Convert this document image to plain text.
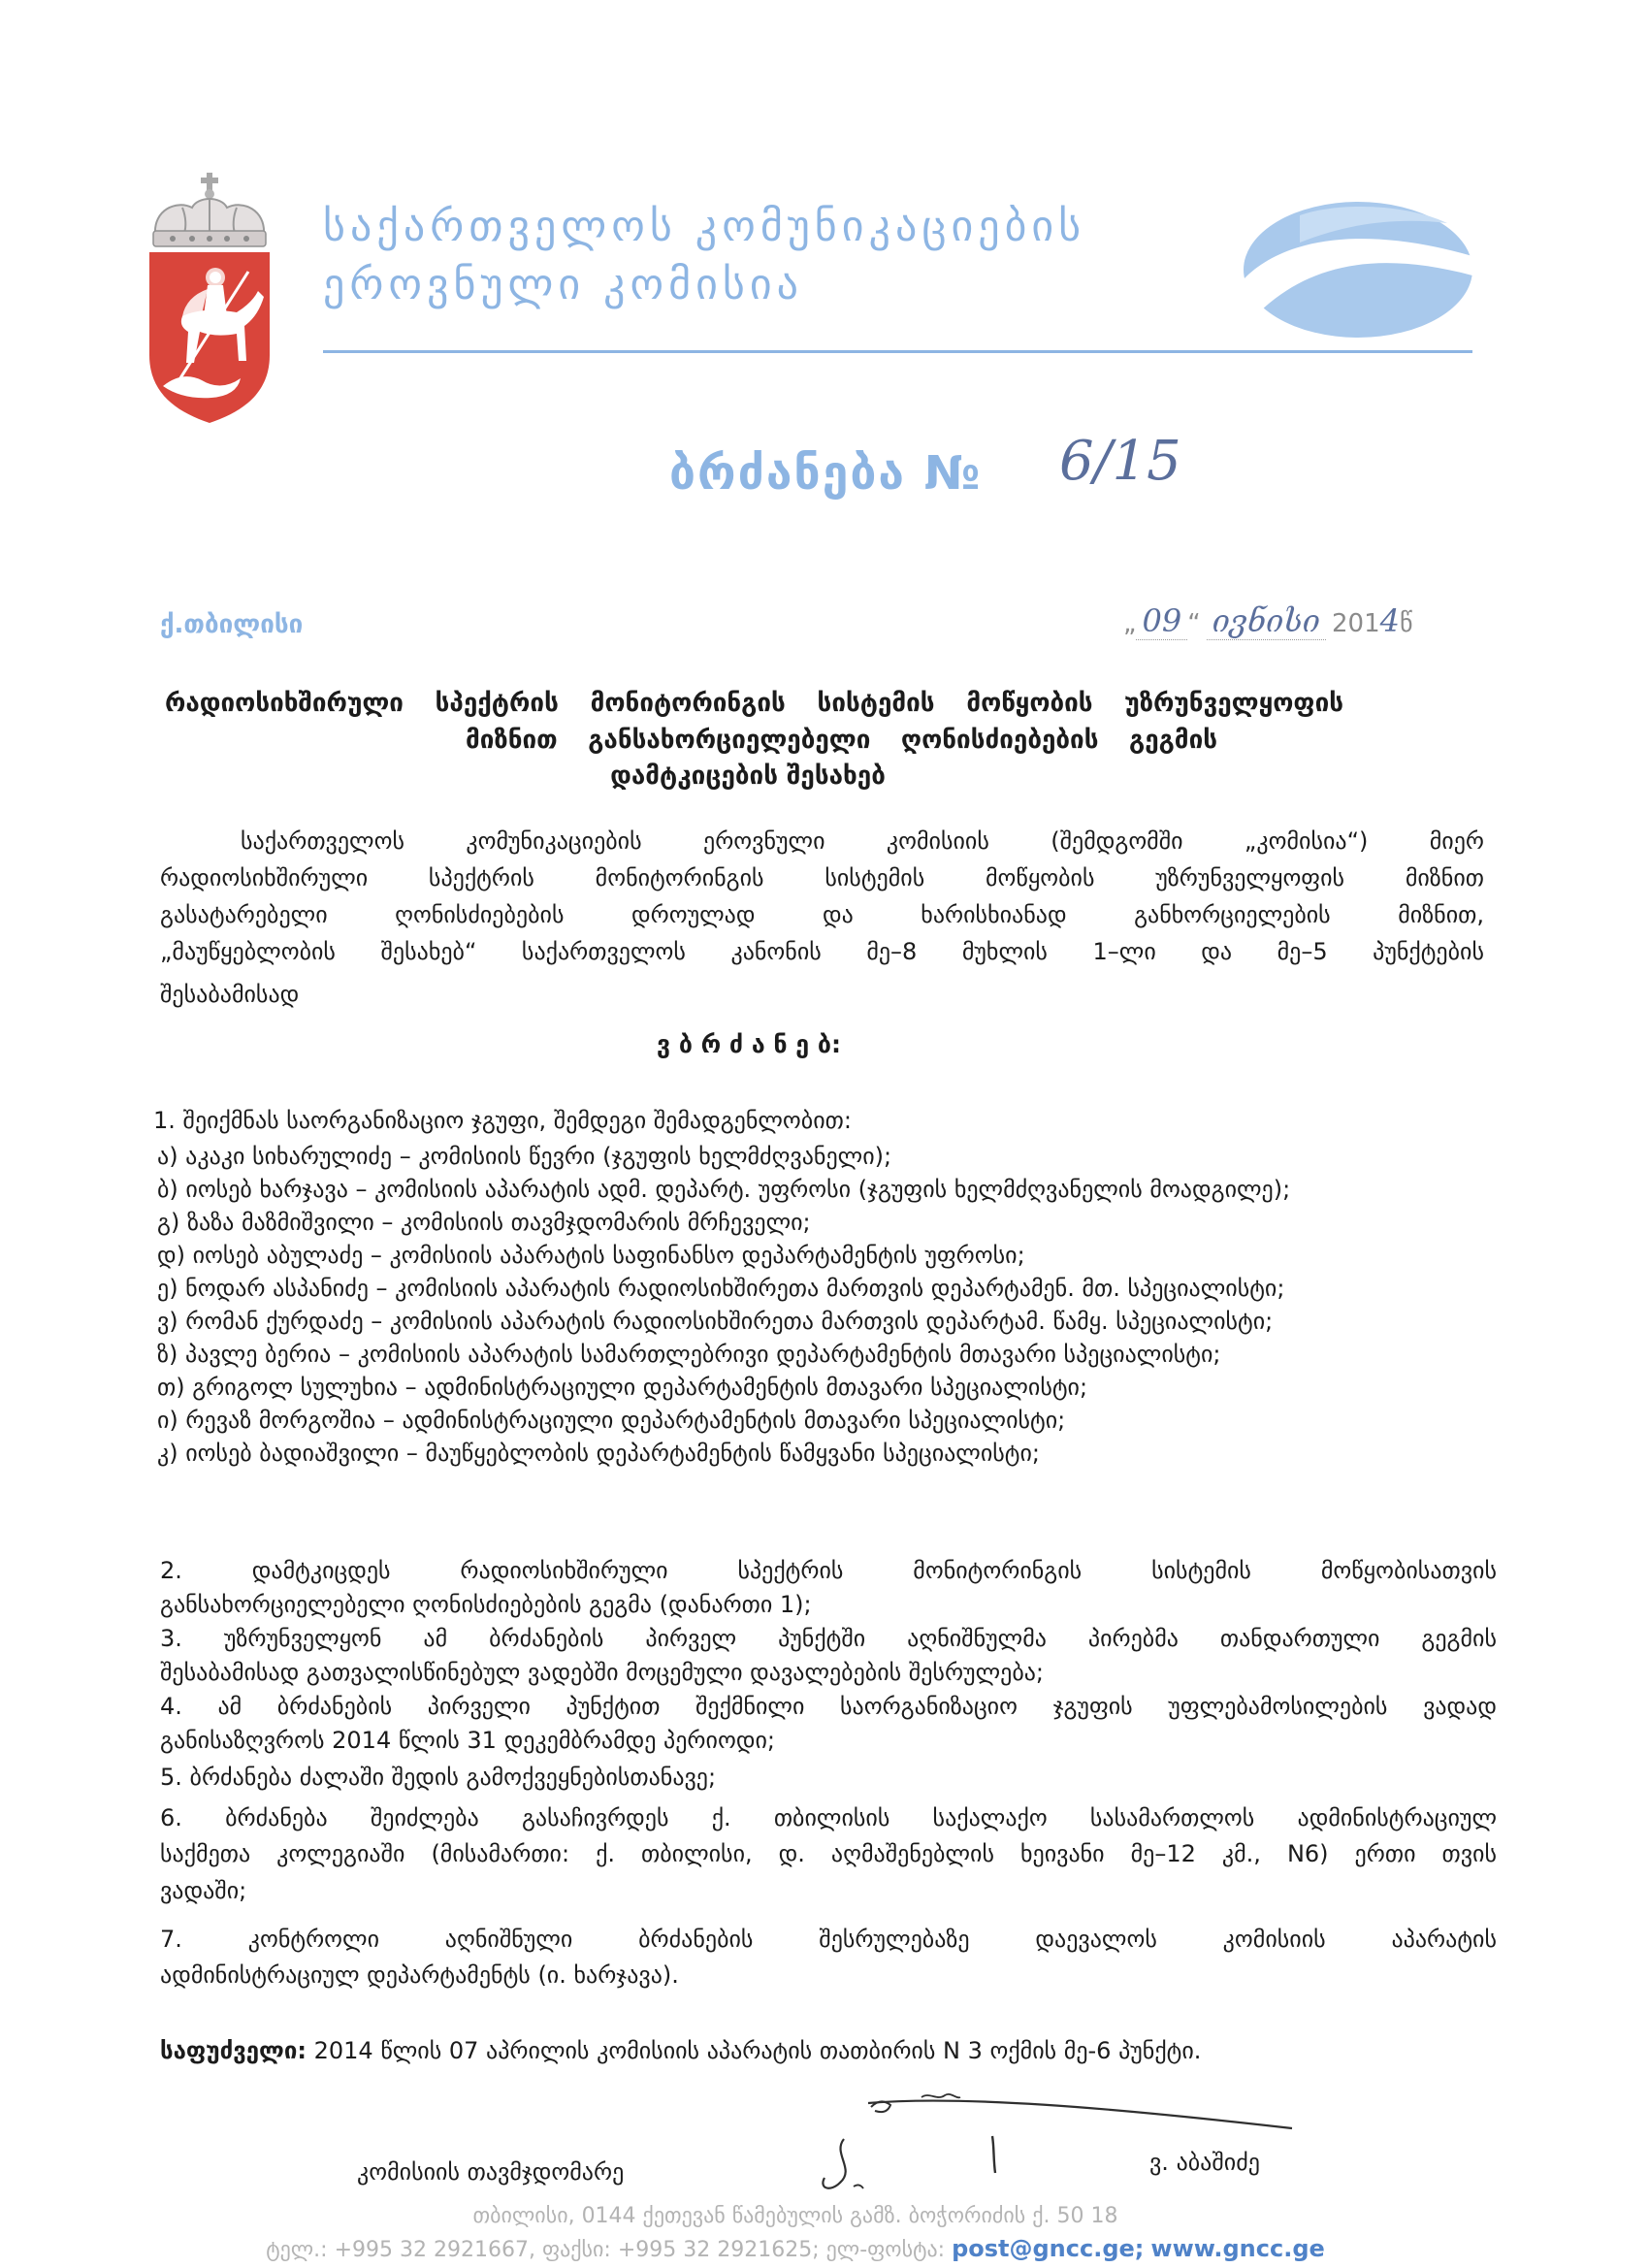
საქართველოს კომუნიკაციების
ეროვნული კომისია
ბრძანება № 6/15
ქ.თბილისი	„ 09 “ ივნისი 2014წ
რადიოსიხშირული სპექტრის მონიტორინგის სისტემის მოწყობის უზრუნველყოფის
მიზნით განსახორციელებელი ღონისძიებების გეგმის
დამტკიცების შესახებ
საქართველოს კომუნიკაციების ეროვნული კომისიის (შემდგომში „კომისია“) მიერ
რადიოსიხშირული სპექტრის მონიტორინგის სისტემის მოწყობის უზრუნველყოფის მიზნით
გასატარებელი ღონისძიებების დროულად და ხარისხიანად განხორციელების მიზნით,
„მაუწყებლობის შესახებ“ საქართველოს კანონის მე–8 მუხლის 1–ლი და მე–5 პუნქტების
შესაბამისად
ვ ბ რ ძ ა ნ ე ბ:
1. შეიქმნას საორგანიზაციო ჯგუფი, შემდეგი შემადგენლობით:
ა) აკაკი სიხარულიძე – კომისიის წევრი (ჯგუფის ხელმძღვანელი);
ბ) იოსებ ხარჯავა – კომისიის აპარატის ადმ. დეპარტ. უფროსი (ჯგუფის ხელმძღვანელის მოადგილე);
გ) ზაზა მაზმიშვილი – კომისიის თავმჯდომარის მრჩეველი;
დ) იოსებ აბულაძე – კომისიის აპარატის საფინანსო დეპარტამენტის უფროსი;
ე) ნოდარ ასპანიძე – კომისიის აპარატის რადიოსიხშირეთა მართვის დეპარტამენ. მთ. სპეციალისტი;
ვ) რომან ქურდაძე – კომისიის აპარატის რადიოსიხშირეთა მართვის დეპარტამ. წამყ. სპეციალისტი;
ზ) პავლე ბერია – კომისიის აპარატის სამართლებრივი დეპარტამენტის მთავარი სპეციალისტი;
თ) გრიგოლ სულუხია – ადმინისტრაციული დეპარტამენტის მთავარი სპეციალისტი;
ი) რევაზ მორგოშია – ადმინისტრაციული დეპარტამენტის მთავარი სპეციალისტი;
კ) იოსებ ბადიაშვილი – მაუწყებლობის დეპარტამენტის წამყვანი სპეციალისტი;
2. დამტკიცდეს რადიოსიხშირული სპექტრის მონიტორინგის სისტემის მოწყობისათვის
განსახორციელებელი ღონისძიებების გეგმა (დანართი 1);
3. უზრუნველყონ ამ ბრძანების პირველ პუნქტში აღნიშნულმა პირებმა თანდართული გეგმის
შესაბამისად გათვალისწინებულ ვადებში მოცემული დავალებების შესრულება;
4. ამ ბრძანების პირველი პუნქტით შექმნილი საორგანიზაციო ჯგუფის უფლებამოსილების ვადად
განისაზღვროს 2014 წლის 31 დეკემბრამდე პერიოდი;
5. ბრძანება ძალაში შედის გამოქვეყნებისთანავე;
6. ბრძანება შეიძლება გასაჩივრდეს ქ. თბილისის საქალაქო სასამართლოს ადმინისტრაციულ
საქმეთა კოლეგიაში (მისამართი: ქ. თბილისი, დ. აღმაშენებლის ხეივანი მე–12 კმ., N6) ერთი თვის
ვადაში;
7. კონტროლი აღნიშნული ბრძანების შესრულებაზე დაევალოს კომისიის აპარატის
ადმინისტრაციულ დეპარტამენტს (ი. ხარჯავა).
საფუძველი: 2014 წლის 07 აპრილის კომისიის აპარატის თათბირის N 3 ოქმის მე-6 პუნქტი.
კომისიის თავმჯდომარე	ვ. აბაშიძე
თბილისი, 0144 ქეთევან წამებულის გამზ. ბოჭორიძის ქ. 50 18
ტელ.: +995 32 2921667, ფაქსი: +995 32 2921625; ელ-ფოსტა: post@gncc.ge; www.gncc.ge
